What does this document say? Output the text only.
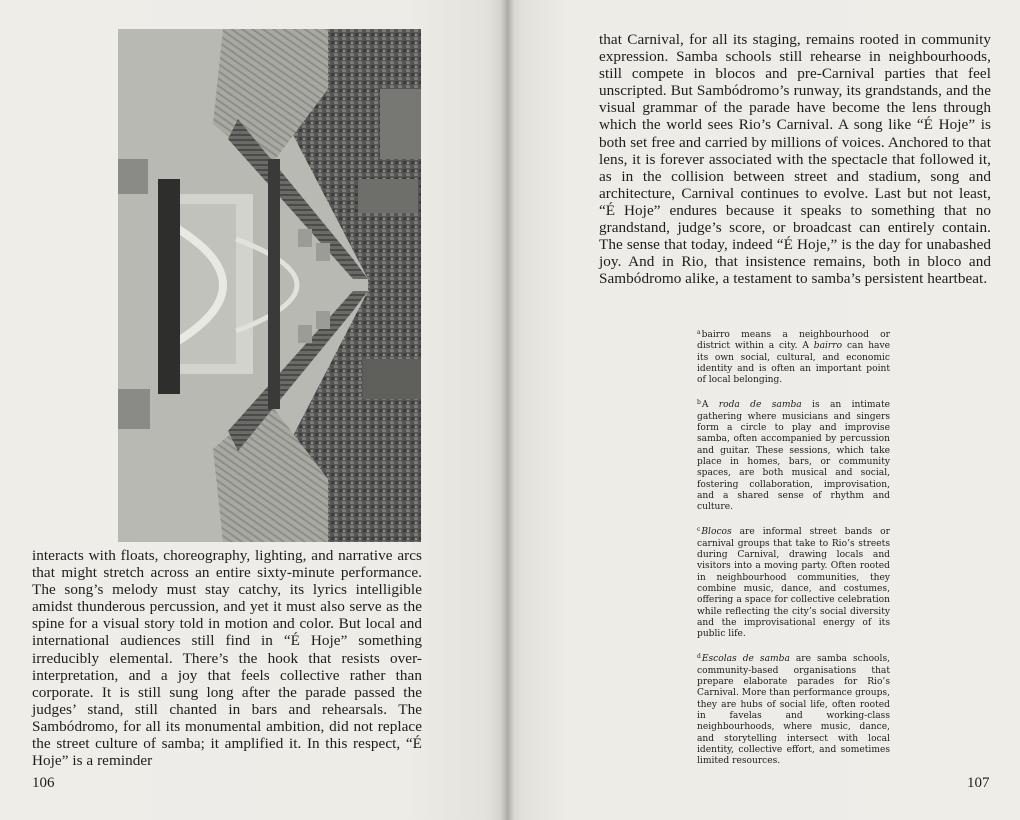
interacts with floats, choreography, lighting, and narrative arcs that might stretch across an entire sixty-minute performance. The song’s melody must stay catchy, its lyrics intelligible amidst thunderous percussion, and yet it must also serve as the spine for a visual story told in motion and color. But local and international audiences still find in “É Hoje” something irreducibly elemental. There’s the hook that resists over-interpretation, and a joy that feels collective rather than corporate. It is still sung long after the parade passed the judges’ stand, still chanted in bars and rehearsals. The Sambódromo, for all its monumental ambition, did not replace the street culture of samba; it amplified it. In this respect, “É Hoje” is a reminder

106

that Carnival, for all its staging, remains rooted in community expression. Samba schools still rehearse in neighbourhoods, still compete in blocos and pre-Carnival parties that feel unscripted. But Sambódromo’s runway, its grandstands, and the visual grammar of the parade have become the lens through which the world sees Rio’s Carnival. A song like “É Hoje” is both set free and carried by millions of voices. Anchored to that lens, it is forever associated with the spectacle that followed it, as in the collision between street and stadium, song and architecture, Carnival continues to evolve. Last but not least, “É Hoje” endures because it speaks to something that no grandstand, judge’s score, or broadcast can entirely contain. The sense that today, indeed “É Hoje,” is the day for unabashed joy. And in Rio, that insistence remains, both in bloco and Sambódromo alike, a testament to samba’s persistent heartbeat.

$^a$bairro means a neighbourhood or district within a city. A bairro can have its own social, cultural, and economic identity and is often an important point of local belonging.

$^b$A roda de samba is an intimate gathering where musicians and singers form a circle to play and improvise samba, often accompanied by percussion and guitar. These sessions, which take place in homes, bars, or community spaces, are both musical and social, fostering collaboration, improvisation, and a shared sense of rhythm and culture.

$^c$Blocos are informal street bands or carnival groups that take to Rio’s streets during Carnival, drawing locals and visitors into a moving party. Often rooted in neighbourhood communities, they combine music, dance, and costumes, offering a space for collective celebration while reflecting the city’s social diversity and the improvisational energy of its public life.

$^d$Escolas de samba are samba schools, community-based organisations that prepare elaborate parades for Rio’s Carnival. More than performance groups, they are hubs of social life, often rooted in favelas and working-class neighbourhoods, where music, dance, and storytelling intersect with local identity, collective effort, and sometimes limited resources.

107
